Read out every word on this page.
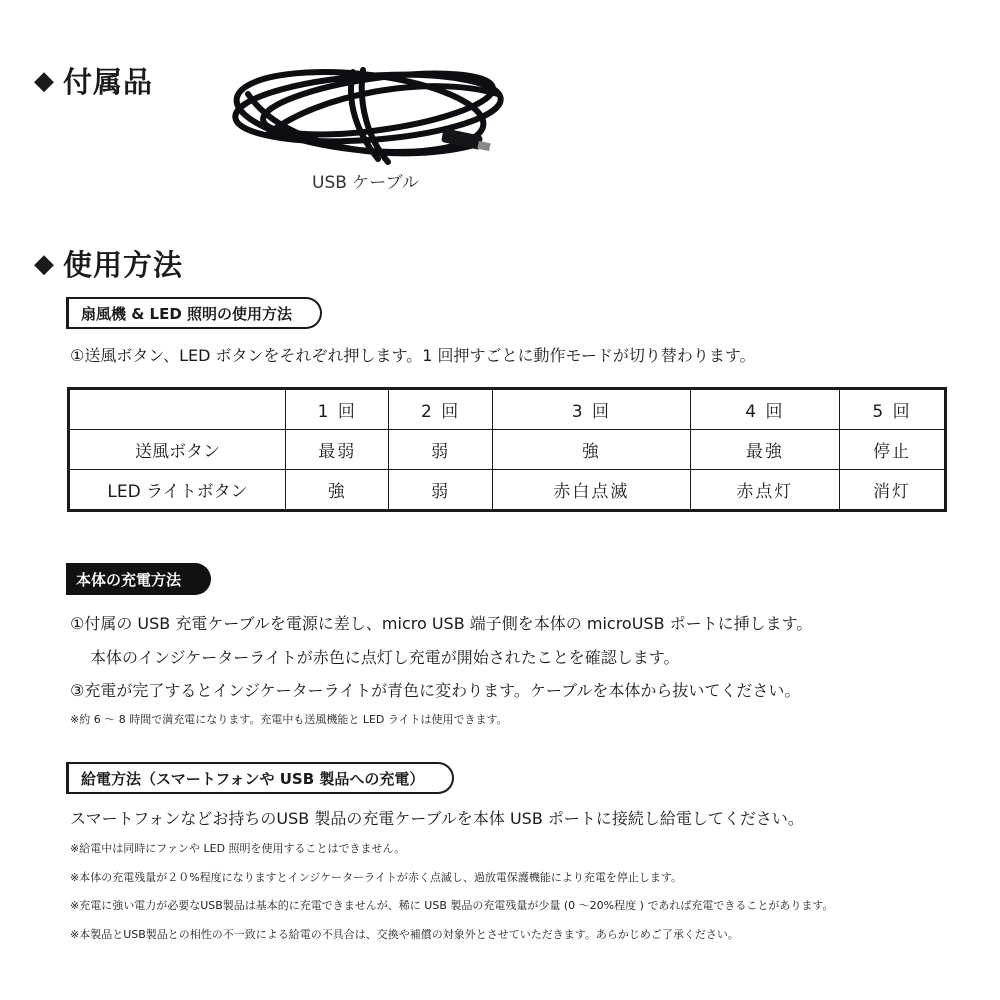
◆ 付属品
USB ケーブル
◆ 使用方法
扇風機 & LED 照明の使用方法
①送風ボタン、LED ボタンをそれぞれ押します。1 回押すごとに動作モードが切り替わります。
	1 回	2 回	3 回	4 回	5 回
送風ボタン	最弱	弱	強	最強	停止
LED ライトボタン	強	弱	赤白点滅	赤点灯	消灯
本体の充電方法
①付属の USB 充電ケーブルを電源に差し、micro USB 端子側を本体の microUSB ポートに挿します。
本体のインジケーターライトが赤色に点灯し充電が開始されたことを確認します。
③充電が完了するとインジケーターライトが青色に変わります。ケーブルを本体から抜いてください。
※約 6 ～ 8 時間で満充電になります。充電中も送風機能と LED ライトは使用できます。
給電方法（スマートフォンや USB 製品への充電）
スマートフォンなどお持ちのUSB 製品の充電ケーブルを本体 USB ポートに接続し給電してください。
※給電中は同時にファンや LED 照明を使用することはできません。
※本体の充電残量が２０%程度になりますとインジケーターライトが赤く点滅し、過放電保護機能により充電を停止します。
※充電に強い電力が必要なUSB製品は基本的に充電できませんが、稀に USB 製品の充電残量が少量 (0 ～20%程度 ) であれば充電できることがあります。
※本製品とUSB製品との相性の不一致による給電の不具合は、交換や補償の対象外とさせていただきます。あらかじめご了承ください。
